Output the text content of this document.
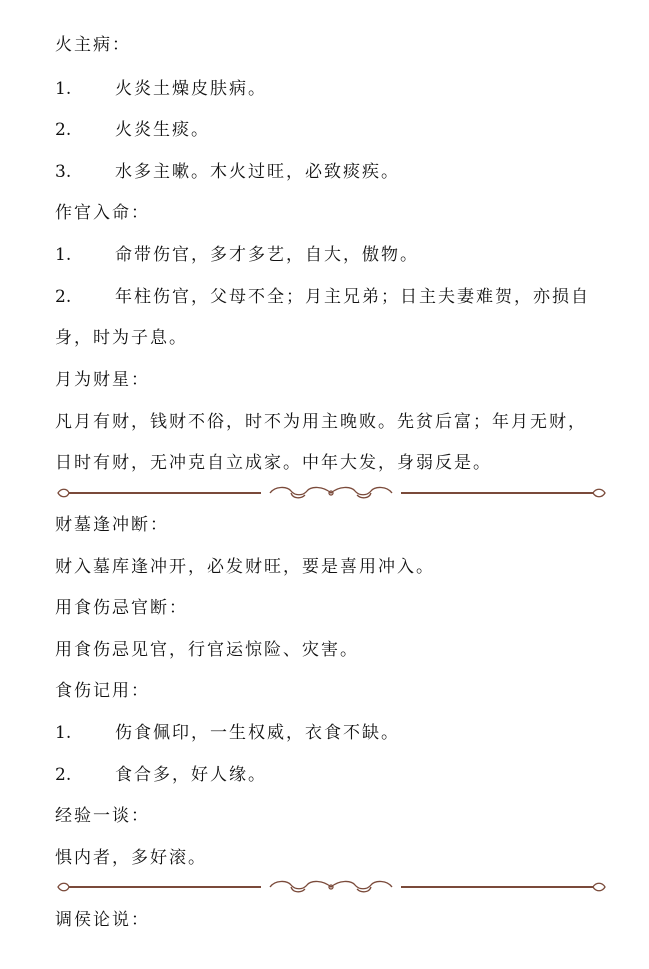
火主病：
1.	火炎土燥皮肤病。
2.	火炎生痰。
3.	水多主嗽。木火过旺，必致痰疾。
作官入命：
1.	命带伤官，多才多艺，自大，傲物。
2.	年柱伤官，父母不全；月主兄弟；日主夫妻难贺，亦损自
身，时为子息。
月为财星：
凡月有财，钱财不俗，时不为用主晚败。先贫后富；年月无财，
日时有财，无冲克自立成家。中年大发，身弱反是。
财墓逢冲断：
财入墓库逢冲开，必发财旺，要是喜用冲入。
用食伤忌官断：
用食伤忌见官，行官运惊险、灾害。
食伤记用：
1.	伤食佩印，一生权威，衣食不缺。
2.	食合多，好人缘。
经验一谈：
惧内者，多好滚。
调侯论说：
